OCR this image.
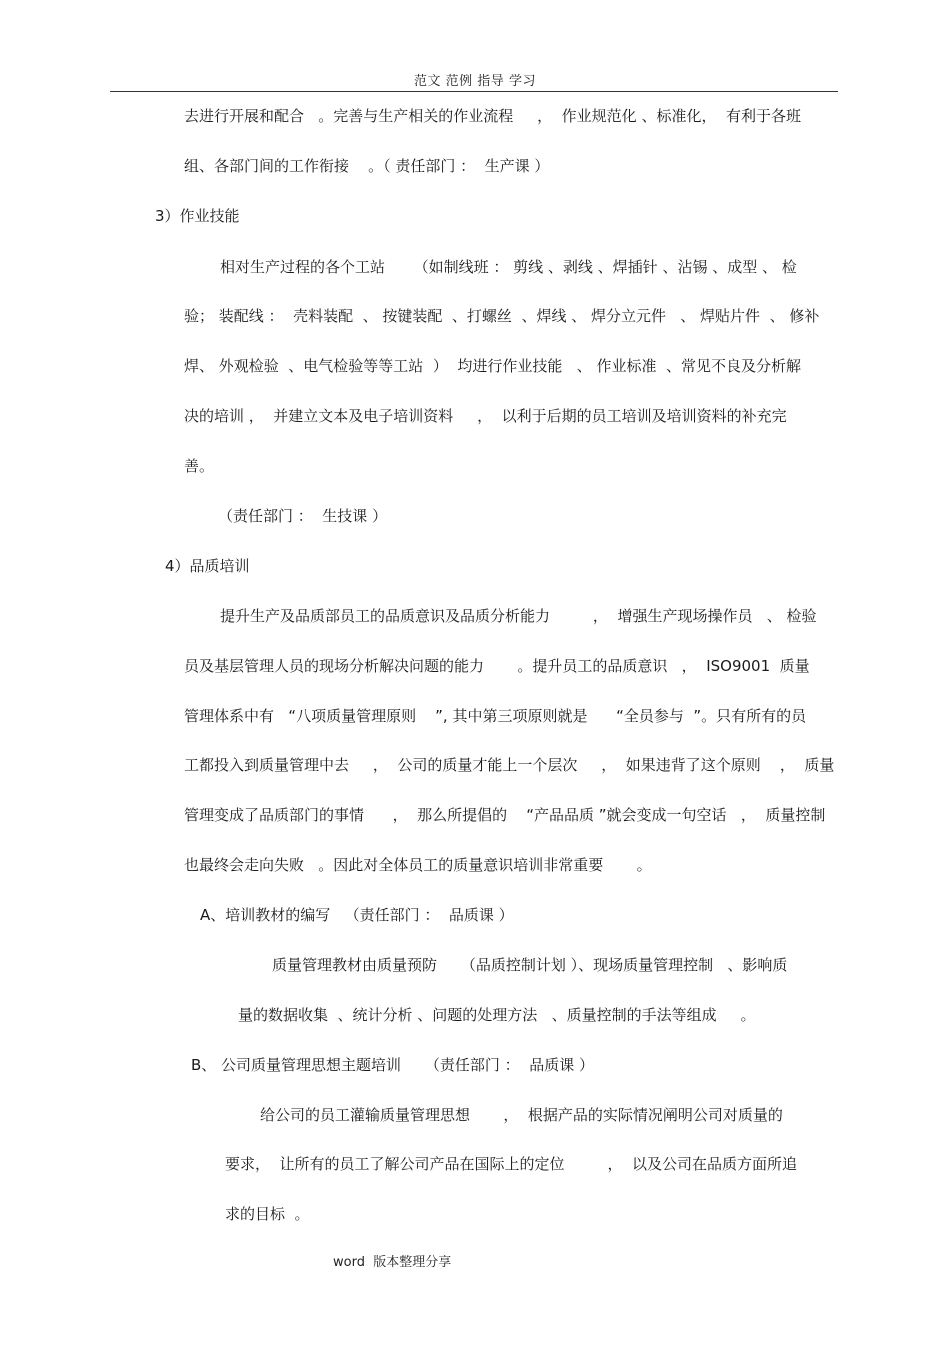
范文 范例 指导 学习
去进行开展和配合   。完善与生产相关的作业流程     ，  作业规范化 、标准化，  有利于各班
组、各部门间的工作衔接    。（ 责任部门 ：  生产课 ）
3）作业技能
相对生产过程的各个工站      （如制线班 ： 剪线 、剥线 、焊插针 、沾锡 、成型 、 检
验； 装配线 ：  壳料装配  、 按键装配  、打螺丝  、焊线 、 焊分立元件   、 焊贴片件  、 修补
焊、 外观检验  、电气检验等等工站  ）  均进行作业技能   、 作业标准  、常见不良及分析解
决的培训 ，  并建立文本及电子培训资料     ，  以利于后期的员工培训及培训资料的补充完
善。
（责任部门 ：  生技课 ）
4）品质培训
提升生产及品质部员工的品质意识及品质分析能力         ，  增强生产现场操作员   、 检验
员及基层管理人员的现场分析解决问题的能力       。提升员工的品质意识   ，  ISO9001  质量
管理体系中有   “八项质量管理原则    ”, 其中第三项原则就是      “全员参与  ”。只有所有的员
工都投入到质量管理中去     ，  公司的质量才能上一个层次     ，  如果违背了这个原则    ，  质量
管理变成了品质部门的事情      ，  那么所提倡的    “产品品质 ”就会变成一句空话   ，  质量控制
也最终会走向失败   。因此对全体员工的质量意识培训非常重要       。
A、培训教材的编写   （责任部门 ：  品质课 ）
质量管理教材由质量预防     （品质控制计划 ）、现场质量管理控制   、影响质
量的数据收集  、统计分析 、问题的处理方法   、质量控制的手法等组成     。
B、 公司质量管理思想主题培训     （责任部门 ：  品质课 ）
给公司的员工灌输质量管理思想       ，  根据产品的实际情况阐明公司对质量的
要求，  让所有的员工了解公司产品在国际上的定位         ，  以及公司在品质方面所追
求的目标  。
word  版本整理分享
